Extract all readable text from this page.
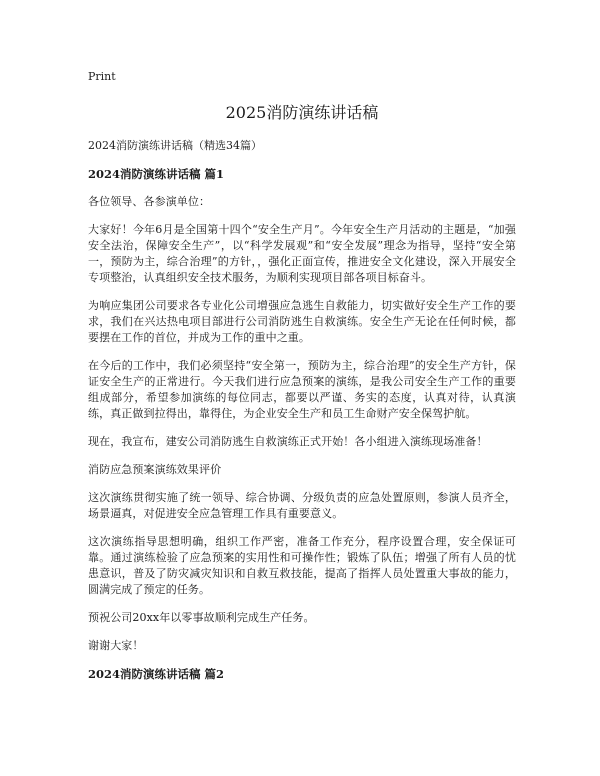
Print
2025消防演练讲话稿
2024消防演练讲话稿（精选34篇）
2024消防演练讲话稿 篇1
各位领导、各参演单位：
大家好！今年6月是全国第十四个“安全生产月”。今年安全生产月活动的主题是，“加强安全法治，保障安全生产”，以“科学发展观”和“安全发展”理念为指导，坚持“安全第一，预防为主，综合治理”的方针，，强化正面宣传，推进安全文化建设，深入开展安全专项整治，认真组织安全技术服务，为顺利实现项目部各项目标奋斗。
为响应集团公司要求各专业化公司增强应急逃生自救能力，切实做好安全生产工作的要求，我们在兴达热电项目部进行公司消防逃生自救演练。安全生产无论在任何时候，都要摆在工作的首位，并成为工作的重中之重。
在今后的工作中，我们必须坚持“安全第一，预防为主，综合治理”的安全生产方针，保证安全生产的正常进行。今天我们进行应急预案的演练，是我公司安全生产工作的重要组成部分，希望参加演练的每位同志，都要以严谨、务实的态度，认真对待，认真演练，真正做到拉得出，靠得住，为企业安全生产和员工生命财产安全保驾护航。
现在，我宣布，建安公司消防逃生自救演练正式开始！各小组进入演练现场准备！
消防应急预案演练效果评价
这次演练贯彻实施了统一领导、综合协调、分级负责的应急处置原则，参演人员齐全，场景逼真，对促进安全应急管理工作具有重要意义。
这次演练指导思想明确，组织工作严密，准备工作充分，程序设置合理，安全保证可靠。通过演练检验了应急预案的实用性和可操作性；锻炼了队伍；增强了所有人员的忧患意识，普及了防灾减灾知识和自救互救技能，提高了指挥人员处置重大事故的能力，圆满完成了预定的任务。
预祝公司20xx年以零事故顺利完成生产任务。
谢谢大家！
2024消防演练讲话稿 篇2
